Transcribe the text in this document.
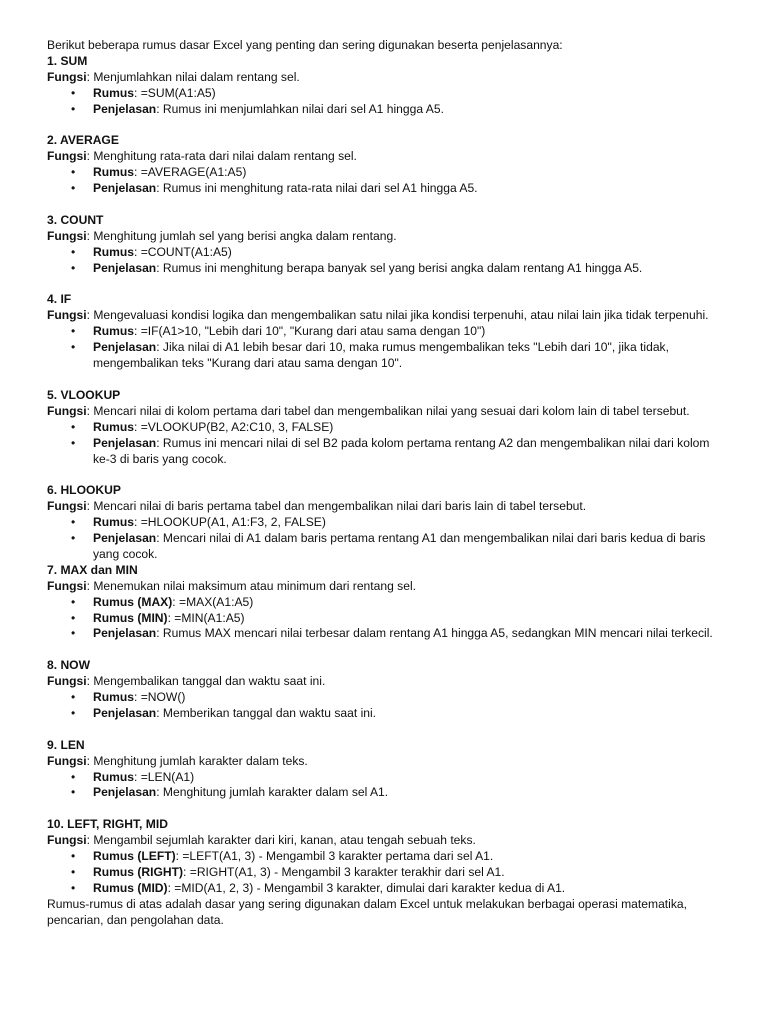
Berikut beberapa rumus dasar Excel yang penting dan sering digunakan beserta penjelasannya:

1. SUM

Fungsi: Menjumlahkan nilai dalam rentang sel.

• Rumus: =SUM(A1:A5)
• Penjelasan: Rumus ini menjumlahkan nilai dari sel A1 hingga A5.

2. AVERAGE

Fungsi: Menghitung rata-rata dari nilai dalam rentang sel.

• Rumus: =AVERAGE(A1:A5)
• Penjelasan: Rumus ini menghitung rata-rata nilai dari sel A1 hingga A5.

3. COUNT

Fungsi: Menghitung jumlah sel yang berisi angka dalam rentang.

• Rumus: =COUNT(A1:A5)
• Penjelasan: Rumus ini menghitung berapa banyak sel yang berisi angka dalam rentang A1 hingga A5.

4. IF

Fungsi: Mengevaluasi kondisi logika dan mengembalikan satu nilai jika kondisi terpenuhi, atau nilai lain jika tidak terpenuhi.

• Rumus: =IF(A1>10, "Lebih dari 10", "Kurang dari atau sama dengan 10")
• Penjelasan: Jika nilai di A1 lebih besar dari 10, maka rumus mengembalikan teks "Lebih dari 10", jika tidak, mengembalikan teks "Kurang dari atau sama dengan 10".

5. VLOOKUP

Fungsi: Mencari nilai di kolom pertama dari tabel dan mengembalikan nilai yang sesuai dari kolom lain di tabel tersebut.

• Rumus: =VLOOKUP(B2, A2:C10, 3, FALSE)
• Penjelasan: Rumus ini mencari nilai di sel B2 pada kolom pertama rentang A2 dan mengembalikan nilai dari kolom ke-3 di baris yang cocok.

6. HLOOKUP

Fungsi: Mencari nilai di baris pertama tabel dan mengembalikan nilai dari baris lain di tabel tersebut.

• Rumus: =HLOOKUP(A1, A1:F3, 2, FALSE)
• Penjelasan: Mencari nilai di A1 dalam baris pertama rentang A1 dan mengembalikan nilai dari baris kedua di baris yang cocok.

7. MAX dan MIN

Fungsi: Menemukan nilai maksimum atau minimum dari rentang sel.

• Rumus (MAX): =MAX(A1:A5)
• Rumus (MIN): =MIN(A1:A5)
• Penjelasan: Rumus MAX mencari nilai terbesar dalam rentang A1 hingga A5, sedangkan MIN mencari nilai terkecil.

8. NOW

Fungsi: Mengembalikan tanggal dan waktu saat ini.

• Rumus: =NOW()
• Penjelasan: Memberikan tanggal dan waktu saat ini.

9. LEN

Fungsi: Menghitung jumlah karakter dalam teks.

• Rumus: =LEN(A1)
• Penjelasan: Menghitung jumlah karakter dalam sel A1.

10. LEFT, RIGHT, MID

Fungsi: Mengambil sejumlah karakter dari kiri, kanan, atau tengah sebuah teks.

• Rumus (LEFT): =LEFT(A1, 3) - Mengambil 3 karakter pertama dari sel A1.
• Rumus (RIGHT): =RIGHT(A1, 3) - Mengambil 3 karakter terakhir dari sel A1.
• Rumus (MID): =MID(A1, 2, 3) - Mengambil 3 karakter, dimulai dari karakter kedua di A1.

Rumus-rumus di atas adalah dasar yang sering digunakan dalam Excel untuk melakukan berbagai operasi matematika, pencarian, dan pengolahan data.
